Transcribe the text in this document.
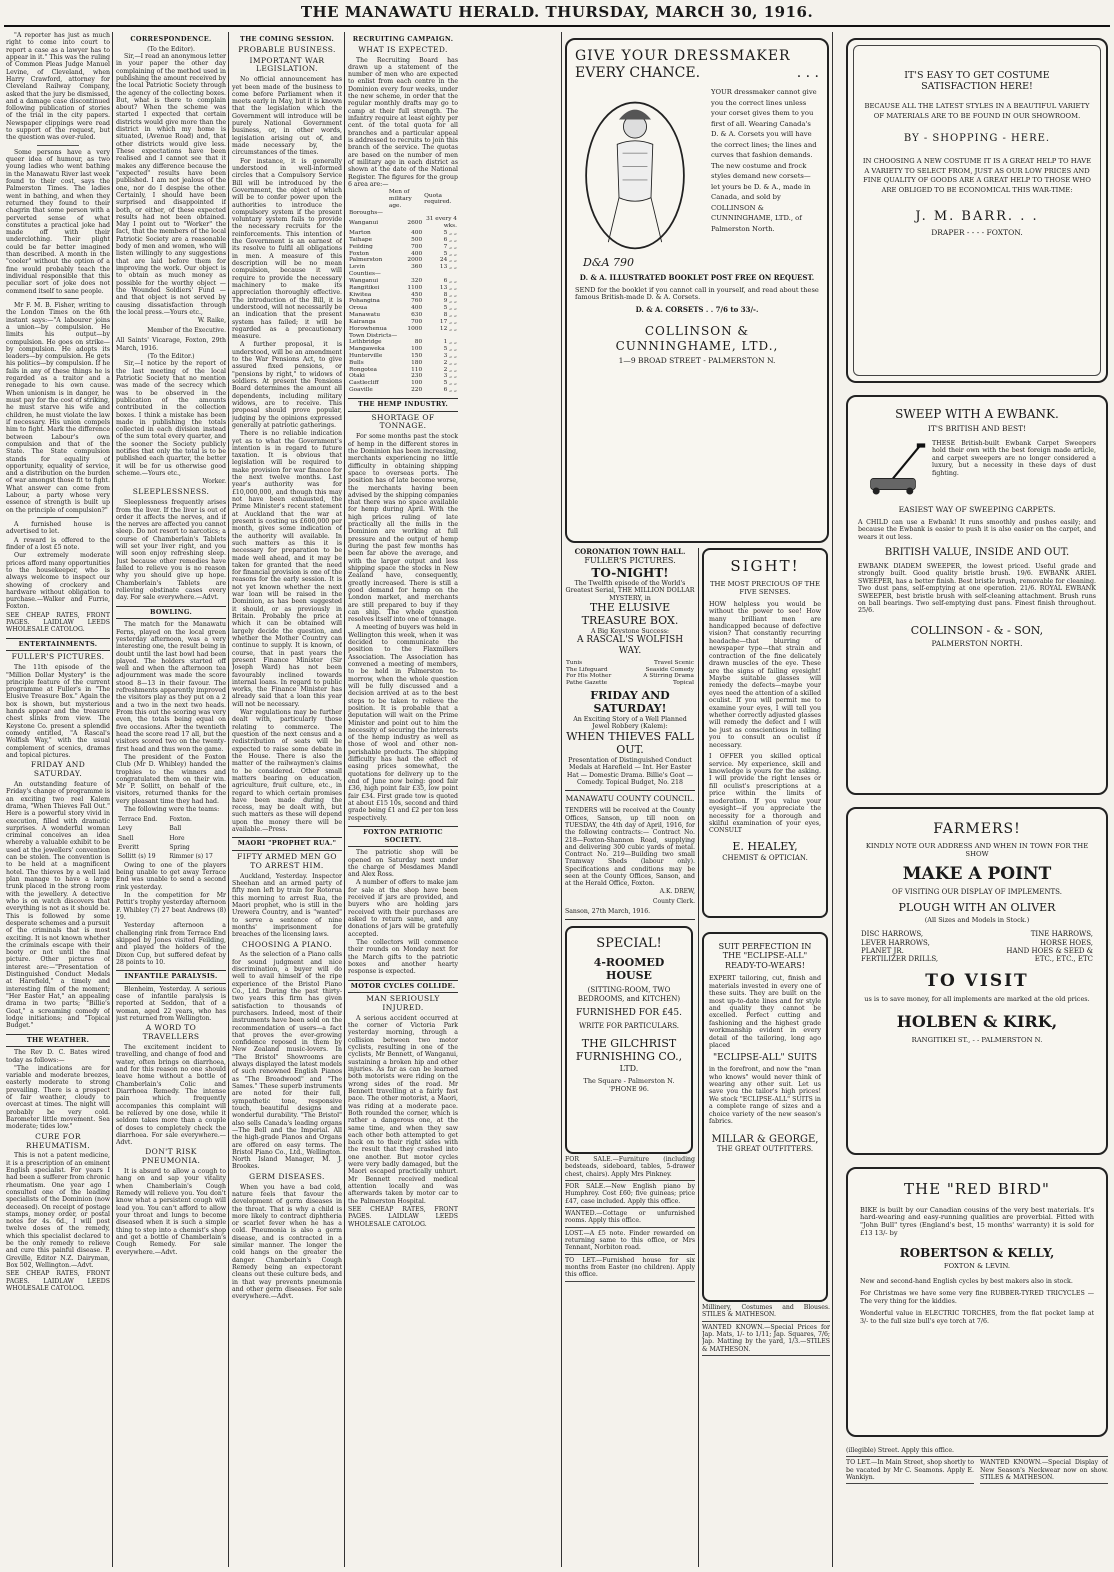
THE MANAWATU HERALD. THURSDAY, MARCH 30, 1916.

"A reporter has just as much right to come into court to report a case as a lawyer has to appear in it." This was the ruling of Common Pleas Judge Manuel Levine, of Cleveland, when Harry Crawford, attorney for Cleveland Railway Company, asked that the jury be dismissed, and a damage case discontinued following publication of stories of the trial in the city papers. Newspaper clippings were read to support of the request, but the question was over-ruled.

Some persons have a very queer idea of humour, as two young ladies who went bathing in the Manawatu River last week found to their cost, says the Palmerston Times. The ladies went in bathing, and when they returned they found to their chagrin that some person with a perverted sense of what constitutes a practical joke had made off with their underclothing. Their plight could be far better imagined than described. A month in the "cooler" without the option of a fine would probably teach the individual responsible that this peculiar sort of joke does not commend itself to sane people.

Mr F. M. B. Fisher, writing to the London Times on the 6th instant says:—"A labourer joins a union—by compulsion. He limits his output—by compulsion. He goes on strike—by compulsion. He adopts its leaders—by compulsion. He gets his politics—by compulsion. If he fails in any of these things he is regarded as a traitor and a renegade to his own cause. When unionism is in danger, he must pay for the cost of striking, he must starve his wife and children, he must violate the law if necessary. His union compels him to fight. Mark the difference between Labour's own compulsion and that of the State. The State compulsion stands for equality of opportunity, equality of service, and a distribution on the burden of war amongst those fit to fight. What answer can come from Labour, a party whose very essence of strength is built up on the principle of compulsion?"

A furnished house is advertised to let.

A reward is offered to the finder of a lost £5 note.

Our extremely moderate prices afford many opportunities to the housekeeper, who is always welcome to inspect our showing of crockery and hardware without obligation to purchase.—Walker and Furrie, Foxton.

SEE CHEAP RATES, FRONT PAGES. LAIDLAW LEEDS WHOLESALE CATOLOG.

ENTERTAINMENTS.
FULLER'S PICTURES.

The 11th episode of the "Million Dollar Mystery" is the principle feature of the current programme at Fuller's in "The Elusive Treasure Box." Again the box is shown, but mysterious hands appear and the treasure chest slinks from view. The Keystone Co. present a splendid comedy entitled, "A Rascal's Wolfish Way," with the usual complement of scenics, dramas and topical pictures.

FRIDAY AND SATURDAY.

An outstanding feature of Friday's change of programme is an exciting two reel Kalem drama, "When Thieves Fall Out." Here is a powerful story vivid in execution, filled with dramatic surprises. A wonderful woman criminal conceives an idea whereby a valuable exhibit to be used at the jewellers' convention can be stolen. The convention is to be held at a magnificent hotel. The thieves by a well laid plan manage to have a large trunk placed in the strong room with the jewellery. A detective who is on watch discovers that everything is not as it should be. This is followed by some desperate schemes and a pursuit of the criminals that is most exciting. It is not known whether the criminals escape with their booty or not until the final picture. Other pictures of interest are:—"Presentation of Distinguished Conduct Medals at Harefield," a timely and interesting film of the moment; "Her Easter Hat," an appealing drama in two parts; "Billie's Goat," a screaming comedy of lodge initiations; and "Topical Budget."

THE WEATHER.

The Rev D. C. Bates wired today as follows:—

"The indications are for variable and moderate breezes, easterly moderate to strong prevailing. There is a prospect of fair weather, cloudy to overcast at times. The night will probably be very cold. Barometer little movement. Sea moderate; tides low."

CURE FOR RHEUMATISM.

This is not a patent medicine, it is a prescription of an eminent English specialist. For years I had been a sufferer from chronic rheumatism. One year ago I consulted one of the leading specialists of the Dominion (now deceased). On receipt of postage stamps, money order, or postal notes for 4s. 6d., I will post twelve doses of the remedy, which this specialist declared to be the only remedy to relieve and cure this painful disease. P. Greville, Editor N.Z. Dairyman, Box 502, Wellington.—Advt.

SEE CHEAP RATES, FRONT PAGES. LAIDLAW LEEDS WHOLESALE CATOLOG.

CORRESPONDENCE.
(To the Editor).

Sir,—I read an anonymous letter in your paper the other day complaining of the method used in publishing the amount received by the local Patriotic Society through the agency of the collecting boxes. But, what is there to complain about? When the scheme was started I expected that certain districts would give more than the district in which my home is situated, (Avenue Road) and, that other districts would give less. These expectations have been realised and I cannot see that it makes any difference because the "expected" results have been published. I am not jealous of the one, nor do I despise the other. Certainly, I should have been surprised and disappointed if both, or either, of these expected results had not been obtained. May I point out to "Worker" the fact, that the members of the local Patriotic Society are a reasonable body of men and women, who will listen willingly to any suggestions that are laid before them for improving the work. Our object is to obtain as much money as possible for the worthy object — the Wounded Soldiers' Fund — and that object is not served by causing dissatisfaction through the local press.—Yours etc.,

W. Raike,
Member of the Executive.

All Saints' Vicarage, Foxton, 29th March, 1916.

(To the Editor.)

Sir,—I notice by the report of the last meeting of the local Patriotic Society that no mention was made of the secrecy which was to be observed in the publication of the amounts contributed in the collection boxes. I think a mistake has been made in publishing the totals collected in each division instead of the sum total every quarter, and the sooner the Society publicly notifies that only the total is to be published each quarter, the better it will be for us otherwise good scheme.—Yours etc.,

Worker.
SLEEPLESSNESS.

Sleeplessness frequently arises from the liver. If the liver is out of order it affects the nerves, and if the nerves are affected you cannot sleep. Do not resort to narcotics; a course of Chamberlain's Tablets will set your liver right, and you will soon enjoy refreshing sleep. Just because other remedies have failed to relieve you is no reason why you should give up hope. Chamberlain's Tablets are relieving obstinate cases every day. For sale everywhere.—Advt.

BOWLING.

The match for the Manawatu Ferns, played on the local green yesterday afternoon, was a very interesting one, the result being in doubt until the last bowl had been played. The holders started off well and when the afternoon tea adjournment was made the score stood 8—13 in their favour. The refreshments apparently improved the visitors play as they put on a 2 and a two in the next two heads. From this out the scoring was very even, the totals being equal on five occasions. After the twentieth head the score read 17 all, but the visitors scored two on the twenty-first head and thus won the game.

The president of the Foxton Club (Mr D. Whibley) handed the trophies to the winners and congratulated them on their win. Mr P. Sollitt, on behalf of the visitors, returned thanks for the very pleasant time they had had.

The following were the teams:

Terrace End.	Foxton.
Levy	Ball
Snell	Hore
Everitt	Spring
Sollitt (s) 19	Rimmer (s) 17

Owing to one of the players being unable to get away Terrace End was unable to send a second rink yesterday.

In the competition for Mr Pettit's trophy yesterday afternoon F. Whibley (7) 27 beat Andrews (8) 19.

Yesterday afternoon a challenging rink from Terrace End skipped by Jones visited Feilding, and played the holders of the Dixon Cup, but suffered defeat by 28 points to 10.

INFANTILE PARALYSIS.

Blenheim, Yesterday. A serious case of infantile paralysis is reported at Seddon, that of a woman, aged 22 years, who has just returned from Wellington.

A WORD TO TRAVELLERS

The excitement incident to travelling, and change of food and water, often brings on diarrhoea, and for this reason no one should leave home without a bottle of Chamberlain's Colic and Diarrhoea Remedy. The intense pain which frequently accompanies this complaint will be relieved by one dose, while it seldom takes more than a couple of doses to completely check the diarrhoea. For sale everywhere.—Advt.

DON'T RISK PNEUMONIA.

It is absurd to allow a cough to hang on and sap your vitality when Chamberlain's Cough Remedy will relieve you. You don't know what a persistent cough will lead you. You can't afford to allow your throat and lungs to become diseased when it is such a simple thing to step into a chemist's shop and get a bottle of Chamberlain's Cough Remedy. For sale everywhere.—Advt.

THE COMING SESSION.
PROBABLE BUSINESS.
IMPORTANT WAR LEGISLATION.

No official announcement has yet been made of the business to come before Parliament when it meets early in May, but it is known that the legislation which the Government will introduce will be purely National Government business, or, in other words, legislation arising out of, and made necessary by, the circumstances of the times.

For instance, it is generally understood in well-informed circles that a Compulsory Service Bill will be introduced by the Government, the object of which will be to confer power upon the authorities to introduce the compulsory system if the present voluntary system fails to provide the necessary recruits for the reinforcements. This intention of the Government is an earnest of its resolve to fulfil all obligations in men. A measure of this description will be no mean compulsion, because it will require to provide the necessary machinery to make its appreciation thoroughly effective. The introduction of the Bill, it is understood, will not necessarily be an indication that the present system has failed; it will be regarded as a precautionary measure.

A further proposal, it is understood, will be an amendment to the War Pensions Act, to give assured fixed pensions, or "pensions by right," to widows of soldiers. At present the Pensions Board determines the amount all dependents, including military widows, are to receive. This proposal should prove popular, judging by the opinions expressed generally at patriotic gatherings.

There is no reliable indication yet as to what the Government's intention is in regard to future taxation. It is obvious that legislation will be required to make provision for war finance for the next twelve months. Last year's authority was for £10,000,000, and though this may not have been exhausted, the Prime Minister's recent statement at Auckland that the war at present is costing us £600,000 per month, gives some indication of the authority will available. In such matters as this it is necessary for preparation to be made well ahead, and it may be taken for granted that the need for financial provision is one of the reasons for the early session. It is not yet known whether the next war loan will be raised in the Dominion, as has been suggested it should, or as previously in Britain. Probably the price at which it can be obtained will largely decide the question, and whether the Mother Country can continue to supply. It is known, of course, that in past years the present Finance Minister (Sir Joseph Ward) has not been favourably inclined towards internal loans. In regard to public works, the Finance Minister has already said that a loan this year will not be necessary.

War regulations may be further dealt with, particularly those relating to commerce. The question of the next census and a redistribution of seats will be expected to raise some debate in the House. There is also the matter of the railwaymen's claims to be considered. Other small matters bearing on education, agriculture, fruit culture, etc., in regard to which certain promises have been made during the recess, may be dealt with, but such matters as these will depend upon the money there will be available.—Press.

MAORI "PROPHET RUA."
FIFTY ARMED MEN GO TO ARREST HIM.

Auckland, Yesterday. Inspector Sheehan and an armed party of fifty men left by train for Rotorua this morning to arrest Rua, the Maori prophet, who is still in the Urewera Country, and is "wanted" to serve a sentence of nine months' imprisonment for breaches of the licensing laws.

CHOOSING A PIANO.

As the selection of a Piano calls for sound judgment and nice discrimination, a buyer will do well to avail himself of the ripe experience of the Bristol Piano Co., Ltd. During the past thirty-two years this firm has given satisfaction to thousands of purchasers. Indeed, most of their instruments have been sold on the recommendation of users—a fact that proves the ever-growing confidence reposed in them by New Zealand music-lovers. In "The Bristol" Showrooms are always displayed the latest models of such renowned English Pianos as "The Broadwood" and "The Sames." These superb instruments are noted for their full, sympathetic tone, responsive touch, beautiful designs and wonderful durability. "The Bristol" also sells Canada's leading organs—The Bell and the Imperial. All the high-grade Pianos and Organs are offered on easy terms. The Bristol Piano Co., Ltd., Wellington. North Island Manager, M. J. Brookes.

GERM DISEASES.

When you have a bad cold, nature feels that favour the development of germ diseases in the throat. That is why a child is more likely to contract diphtheria or scarlet fever when he has a cold. Pneumonia is also a germ disease, and is contracted in a similar manner. The longer the cold hangs on the greater the danger. Chamberlain's Cough Remedy being an expectorant cleans out these culture beds, and in that way prevents pneumonia and other germ diseases. For sale everywhere.—Advt.

RECRUITING CAMPAIGN.
WHAT IS EXPECTED.

The Recruiting Board has drawn up a statement of the number of men who are expected to enlist from each centre in the Dominion every four weeks, under the new scheme, in order that the regular monthly drafts may go to camp at their full strength. The infantry require at least eighty per cent. of the total quota for all branches and a particular appeal is addressed to recruits to join this branch of the service. The quotas are based on the number of men of military age in each district as shown at the date of the National Register. The figures for the group 6 area are:—

	Men of military age.	Quota required.
Boroughs—		
Wanganui	2600	31 every 4 wks.
Marton	400	5 „ „
Taihape	500	6 „ „
Feilding	700	7 „ „
Foxton	400	5 „ „
Palmerston	2000	24 „ „
Levin	360	13 „ „
Counties—		
Wanganui	320	6 „ „
Rangitikei	1100	13 „ „
Kiwitea	450	8 „ „
Pohangina	760	9 „ „
Oroua	400	5 „ „
Manawatu	630	8 „ „
Kairanga	700	17 „ „
Horowhenua	1000	12 „ „
Town Districts—		
Lethbridge	80	1 „ „
Mangaweka	100	5 „ „
Hunterville	150	3 „ „
Bulls	180	2 „ „
Rongotea	110	2 „ „
Otaki	230	3 „ „
Castlecliff	100	5 „ „
Goaville	220	6 „ „
THE HEMP INDUSTRY.
SHORTAGE OF TONNAGE.

For some months past the stock of hemp in the different stores in the Dominion has been increasing, merchants experiencing no little difficulty in obtaining shipping space to overseas ports. The position has of late become worse, the merchants having been advised by the shipping companies that there was no space available for hemp during April. With the high prices ruling of late practically all the mills in the Dominion are working at full pressure and the output of hemp during the past few months has been far above the average, and with the larger output and less shipping space the stocks in New Zealand have, consequently, greatly increased. There is still a good demand for hemp on the London market, and merchants are still prepared to buy if they can ship. The whole question resolves itself into one of tonnage.

A meeting of buyers was held in Wellington this week, when it was decided to communicate the position to the Flaxmillers Association. The Association has convened a meeting of members, to be held in Palmerston to-morrow, when the whole question will be fully discussed and a decision arrived at as to the best steps to be taken to relieve the position. It is probable that a deputation will wait on the Prime Minister and point out to him the necessity of securing the interests of the hemp industry as well as those of wool and other non-perishable products. The shipping difficulty has had the effect of easing prices somewhat, the quotations for delivery up to the end of June now being: good fair £36, high point fair £35, low point fair £34. First grade tow is quoted at about £15 10s, second and third grade being £1 and £2 per ton less respectively.

FOXTON PATRIOTIC SOCIETY.

The patriotic shop will be opened on Saturday next under the charge of Mesdames Mandl and Alex Ross.

A number of offers to make jam for sale at the shop have been received if jars are provided, and buyers who are holding jars received with their purchases are asked to return same, and any donations of jars will be gratefully accepted.

The collectors will commence their rounds on Monday next for the March gifts to the patriotic boxes and another hearty response is expected.

MOTOR CYCLES COLLIDE.
MAN SERIOUSLY INJURED.

A serious accident occurred at the corner of Victoria Park yesterday morning, through a collision between two motor cyclists, resulting in one of the cyclists, Mr Bennett, of Wanganui, sustaining a broken hip and other injuries. As far as can be learned both motorists were riding on the wrong sides of the road. Mr Bennett travelling at a fairly fast pace. The other motorist, a Maori, was riding at a moderate pace. Both rounded the corner, which is rather a dangerous one, at the same time, and when they saw each other both attempted to get back on to their right sides with the result that they crashed into one another. But motor cycles were very badly damaged, but the Maori escaped practically unhurt. Mr Bennett received medical attention locally and was afterwards taken by motor car to the Palmerston Hospital.

SEE CHEAP RATES, FRONT PAGES. LAIDLAW LEEDS WHOLESALE CATOLOG.

GIVE YOUR DRESSMAKER
EVERY CHANCE.	. . .
D&A 790
YOUR dressmaker cannot give you the correct lines unless your corset gives them to you first of all. Wearing Canada's D. & A. Corsets you will have the correct lines; the lines and curves that fashion demands. The new costume and frock styles demand new corsets—let yours be D. & A., made in Canada, and sold by COLLINSON & CUNNINGHAME, LTD., of Palmerston North.
D. & A. ILLUSTRATED BOOKLET POST FREE ON REQUEST.
SEND for the booklet if you cannot call in yourself, and read about these famous British-made D. & A. Corsets.
D. & A. CORSETS . . 7/6 to 33/-.
COLLINSON &
CUNNINGHAME, LTD.,
1—9 BROAD STREET - PALMERSTON N.
CORONATION TOWN HALL.
FULLER'S PICTURES.
TO-NIGHT!
The Twelfth episode of the World's Greatest Serial, THE MILLION DOLLAR MYSTERY, in
THE ELUSIVE TREASURE BOX.
A Big Keystone Success:
A RASCAL'S WOLFISH WAY.
Tunis	Travel Scenic
The Lifeguard	Seaside Comedy
For His Mother	A Stirring Drama
Pathe Gazette	Topical
FRIDAY AND SATURDAY!
An Exciting Story of a Well Planned Jewel Robbery (Kalem):
WHEN THIEVES FALL OUT.
Presentation of Distinguished Conduct Medals at Harefield — Int. Her Easter Hat — Domestic Drama. Billie's Goat — Comedy. Topical Budget, No. 218
MANAWATU COUNTY COUNCIL.
TENDERS will be received at the County Offices, Sanson, up till noon on TUESDAY, the 4th day of April, 1916, for the following contracts:— Contract No. 218—Foxton-Shannon Road, supplying and delivering 300 cubic yards of metal. Contract No. 219—Building two small Tramway Sheds (labour only). Specifications and conditions may be seen at the County Offices, Sanson, and at the Herald Office, Foxton.
A.K. DREW,
County Clerk.
Sanson, 27th March, 1916.
SPECIAL!
4-ROOMED HOUSE
(SITTING-ROOM, TWO BEDROOMS, and KITCHEN)
FURNISHED FOR £45.
WRITE FOR PARTICULARS.
THE GILCHRIST
FURNISHING CO.,
LTD.
The Square - Palmerston N.
'PHONE 96.
FOR SALE.—Furniture (including bedsteads, sideboard, tables, 5-drawer chest, chairs). Apply Mrs Pinkney.
FOR SALE.—New English piano by Humphrey. Cost £60; five guineas; price £47, case included. Apply this office.
WANTED.—Cottage or unfurnished rooms. Apply this office.
LOST.—A £5 note. Finder rewarded on returning same to this office, or Mrs Tennant, Norbiton road.
TO LET.—Furnished house for six months from Easter (no children). Apply this office.
SIGHT!
THE MOST PRECIOUS OF THE FIVE SENSES.
HOW helpless you would be without the power to see! How many brilliant men are handicapped because of defective vision? That constantly recurring headache—that blurring of newspaper type—that strain and contraction of the fine delicately drawn muscles of the eye. These are the signs of failing eyesight! Maybe suitable glasses will remedy the defects—maybe your eyes need the attention of a skilled oculist. If you will permit me to examine your eyes, I will tell you whether correctly adjusted glasses will remedy the defect and I will be just as conscientious in telling you to consult an oculist if necessary.
I OFFER you skilled optical service. My experience, skill and knowledge is yours for the asking. I will provide the right lenses or fill oculist's prescriptions at a price within the limits of moderation. If you value your eyesight—if you appreciate the necessity for a thorough and skilful examination of your eyes, CONSULT
E. HEALEY,
CHEMIST & OPTICIAN.
SUIT PERFECTION IN
THE "ECLIPSE-ALL"
READY-TO-WEARS!
EXPERT tailoring, cut, finish and materials invested in every one of these suits. They are built on the most up-to-date lines and for style and quality they cannot be excelled. Perfect cutting and fashioning and the highest grade workmanship evident in every detail of the tailoring, long ago placed
"ECLIPSE-ALL" SUITS
in the forefront, and now the "man who knows" would never think of wearing any other suit. Let us save you the tailor's high prices! We stock "ECLIPSE-ALL" SUITS in a complete range of sizes and a choice variety of the new season's fabrics.
MILLAR & GEORGE,
THE GREAT OUTFITTERS.
Millinery, Costumes and Blouses. STILES & MATHESON.
WANTED KNOWN.—Special Prices for Jap. Mats, 1/- to 1/11; Jap. Squares, 7/6; Jap. Matting by the yard, 1/3.—STILES & MATHESON.
IT'S EASY TO GET COSTUME
SATISFACTION HERE!
BECAUSE ALL THE LATEST STYLES IN A BEAUTIFUL VARIETY OF MATERIALS ARE TO BE FOUND IN OUR SHOWROOM.
BY - SHOPPING - HERE.
IN CHOOSING A NEW COSTUME IT IS A GREAT HELP TO HAVE A VARIETY TO SELECT FROM, JUST AS OUR LOW PRICES AND FINE QUALITY OF GOODS ARE A GREAT HELP TO THOSE WHO ARE OBLIGED TO BE ECONOMICAL THIS WAR-TIME:
J. M. BARR. . .
DRAPER - - - - FOXTON.
SWEEP WITH A EWBANK.
IT'S BRITISH AND BEST!
THESE British-built Ewbank Carpet Sweepers hold their own with the best foreign made article, and carpet sweepers are no longer considered a luxury, but a necessity in these days of dust fighting.
EASIEST WAY OF SWEEPING CARPETS.
A CHILD can use a Ewbank! It runs smoothly and pushes easily; and because the Ewbank is easier to push it is also easier on the carpet, and wears it out less.
BRITISH VALUE, INSIDE AND OUT.
EWBANK DIADEM SWEEPER, the lowest priced. Useful grade and strongly built. Good quality bristle brush. 19/6. EWBANK ARIEL SWEEPER, has a better finish. Best bristle brush, removable for cleaning. Two dust pans, self-emptying at one operation. 21/6. ROYAL EWBANK SWEEPER, best bristle brush with self-cleaning attachment. Brush runs on ball bearings. Two self-emptying dust pans. Finest finish throughout. 25/6.
COLLINSON - & - SON,
PALMERSTON NORTH.
FARMERS!
KINDLY NOTE OUR ADDRESS AND WHEN IN TOWN FOR THE SHOW
MAKE A POINT
OF VISITING OUR DISPLAY OF IMPLEMENTS.
PLOUGH WITH AN OLIVER
(All Sizes and Models in Stock.)
DISC HARROWS,	TINE HARROWS,
LEVER HARROWS,	HORSE HOES,
PLANET JR.	HAND HOES & SEED &
FERTILIZER DRILLS,	ETC., ETC., ETC
TO VISIT
us is to save money, for all implements are marked at the old prices.
HOLBEN & KIRK,
RANGITIKEI ST., - - PALMERSTON N.
THE "RED BIRD"
BIKE is built by our Canadian cousins of the very best materials. It's hard-wearing and easy-running qualities are proverbial. Fitted with "John Bull" tyres (England's best, 15 months' warranty) it is sold for £13 13/- by
ROBERTSON & KELLY,
FOXTON & LEVIN.
New and second-hand English cycles by best makers also in stock.
For Christmas we have some very fine RUBBER-TYRED TRICYCLES — The very thing for the kiddies.
Wonderful value in ELECTRIC TORCHES, from the flat pocket lamp at 3/- to the full size bull's eye torch at 7/6.
(illegible) Street. Apply this office.
TO LET.—In Main Street, shop shortly to be vacated by Mr C. Seamons. Apply E. Wankiyn.
WANTED KNOWN.—Special Display of New Season's Neckwear now on show. STILES & MATHESON.
